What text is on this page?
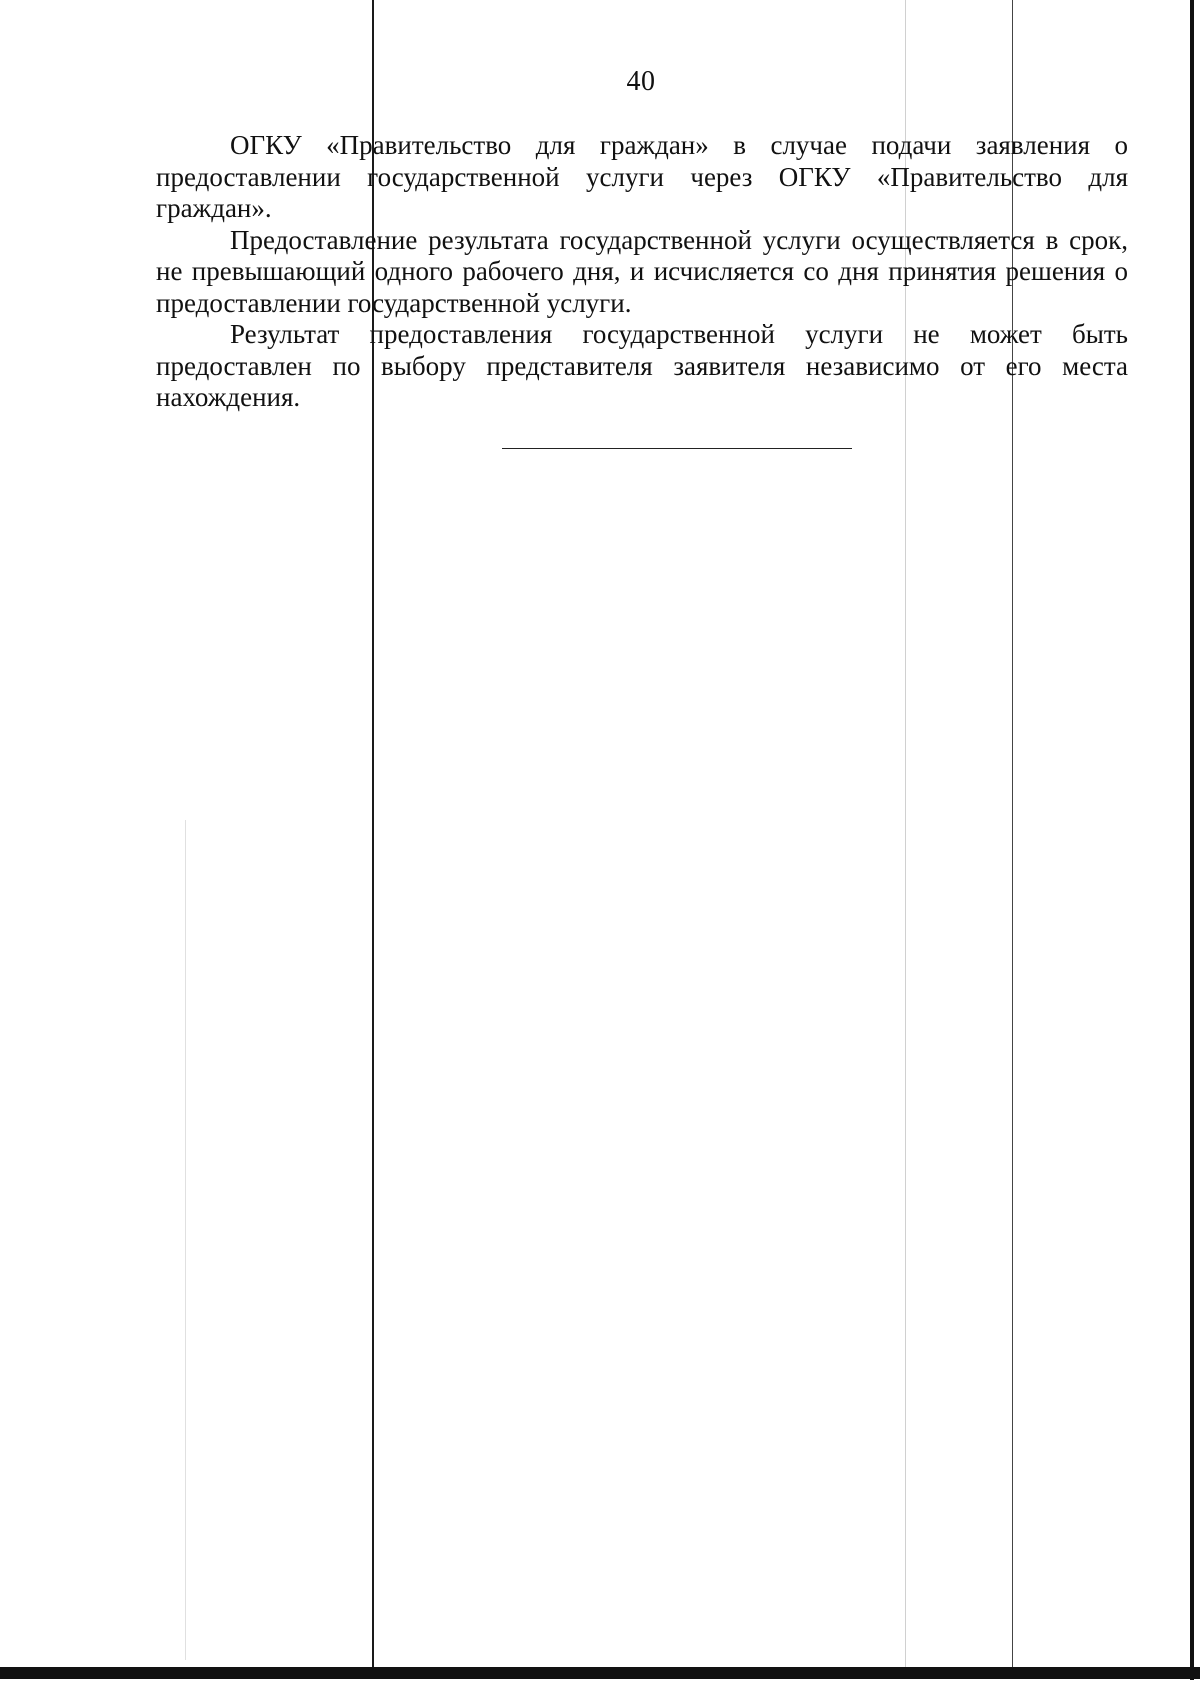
40

ОГКУ «Правительство для граждан» в случае подачи заявления о предоставлении государственной услуги через ОГКУ «Правительство для граждан».

Предоставление результата государственной услуги осуществляется в срок, не превышающий одного рабочего дня, и исчисляется со дня принятия решения о предоставлении государственной услуги.

Результат предоставления государственной услуги не может быть предоставлен по выбору представителя заявителя независимо от его места нахождения.
